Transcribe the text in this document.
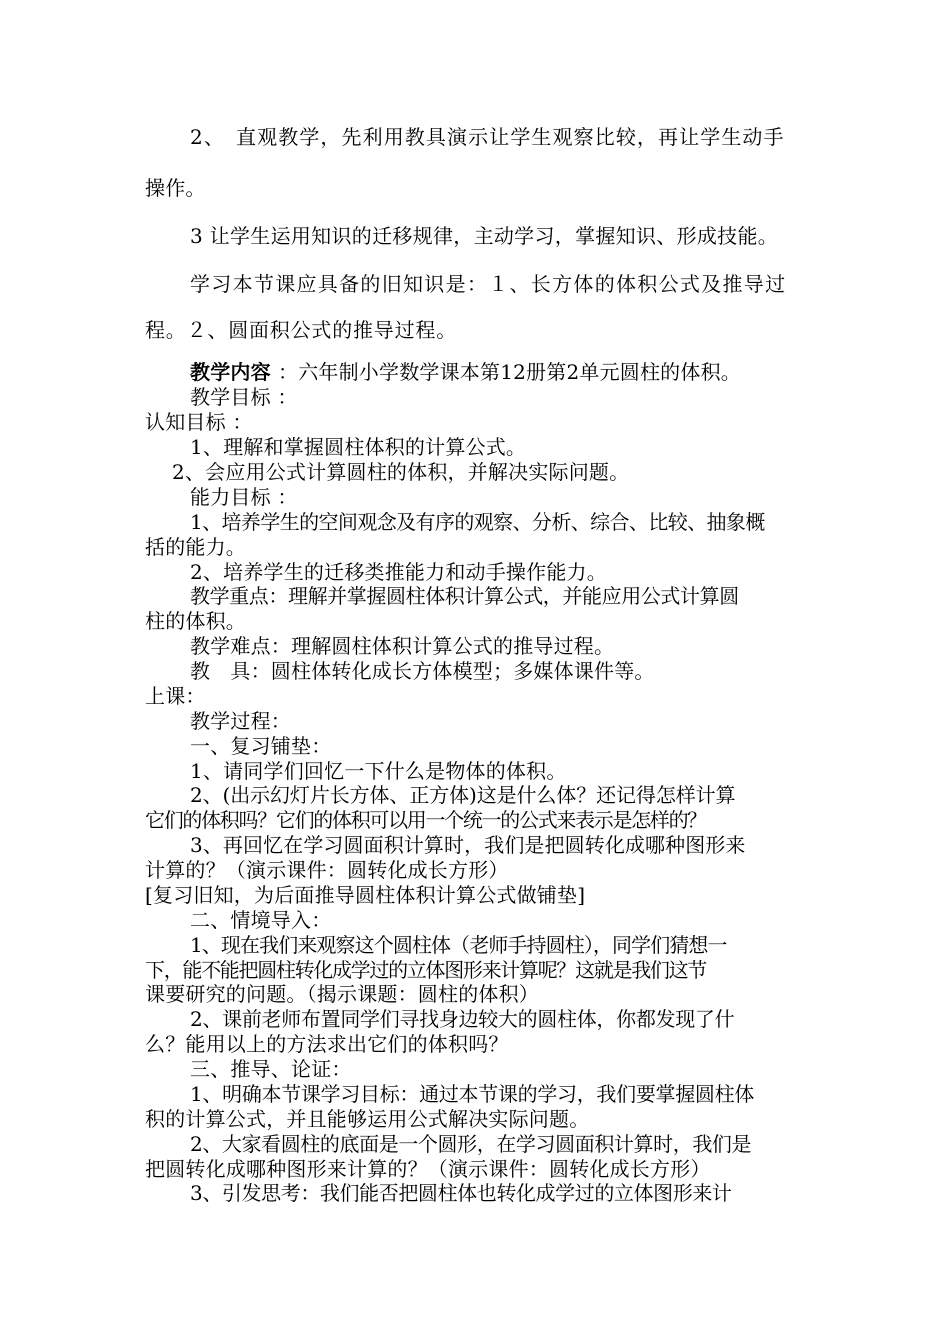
2、　直观教学，先利用教具演示让学生观察比较，再让学生动手
操作。
3 让学生运用知识的迁移规律，主动学习，掌握知识、形成技能。
学习本节课应具备的旧知识是：１、长方体的体积公式及推导过
程。２、圆面积公式的推导过程。
教学内容 ：六年制小学数学课本第12册第2单元圆柱的体积。
教学目标 ：
认知目标 ：
1、理解和掌握圆柱体积的计算公式。
2、会应用公式计算圆柱的体积，并解决实际问题。
能力目标 ：
1、培养学生的空间观念及有序的观察、分析、综合、比较、抽象概
括的能力。
2、培养学生的迁移类推能力和动手操作能力。
教学重点：理解并掌握圆柱体积计算公式，并能应用公式计算圆
柱的体积。
教学难点：理解圆柱体积计算公式的推导过程。
教　具：圆柱体转化成长方体模型；多媒体课件等。
上课：
教学过程：
一、复习铺垫：
1、请同学们回忆一下什么是物体的体积。
2、(出示幻灯片长方体、正方体)这是什么体？还记得怎样计算
它们的体积吗？它们的体积可以用一个统一的公式来表示是怎样的？
3、再回忆在学习圆面积计算时，我们是把圆转化成哪种图形来
计算的？（演示课件：圆转化成长方形）
[复习旧知，为后面推导圆柱体积计算公式做铺垫]
二、情境导入：
1、现在我们来观察这个圆柱体（老师手持圆柱），同学们猜想一
下，能不能把圆柱转化成学过的立体图形来计算呢？这就是我们这节
课要研究的问题。（揭示课题：圆柱的体积）
2、课前老师布置同学们寻找身边较大的圆柱体，你都发现了什
么？能用以上的方法求出它们的体积吗？
三、推导、论证：
1、明确本节课学习目标：通过本节课的学习，我们要掌握圆柱体
积的计算公式，并且能够运用公式解决实际问题。
2、大家看圆柱的底面是一个圆形，在学习圆面积计算时，我们是
把圆转化成哪种图形来计算的？（演示课件：圆转化成长方形）
3、引发思考：我们能否把圆柱体也转化成学过的立体图形来计
